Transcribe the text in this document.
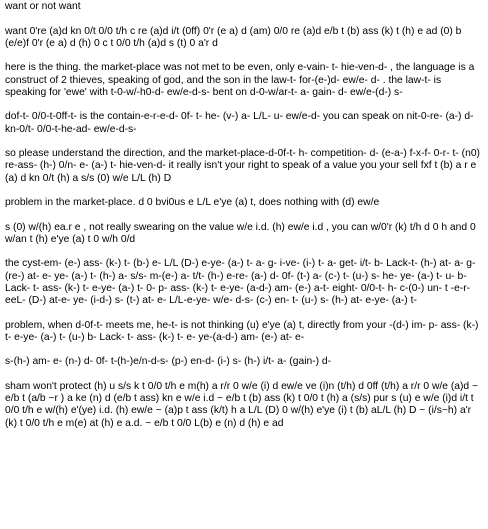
want or not want

want 0're (a)d kn 0/t 0/0 t/h c re (a)d i/t (0ff) 0'r (e a) d (am) 0/0 re (a)d e/b t (b) ass (k) t (h) e ad (0) b (e/e)f 0'r (e a) d (h) 0 c t 0/0 t/h (a)d s (t) 0 a'r d

here is the thing. the market-place was not met to be even, only e-vain- t- hie-ven-d- , the language is a construct of 2 thieves, speaking of god, and the son in the law-t- for-(e-)d- ew/e- d- . the law-t- is speaking for 'ewe' with t-0-w/-h0-d- ew/e-d-s- bent on d-0-w/ar-t- a- gain- d- ew/e-(d-) s-

dof-t- 0/0-t-0ff-t- is the contain-e-r-e-d- 0f- t- he- (v-) a- L/L- u- ew/e-d- you can speak on nit-0-re- (a-) d- kn-0/t- 0/0-t-he-ad- ew/e-d-s-

so please understand the direction, and the market-place-d-0f-t- h- competition- d- (e-a-) f-x-f- 0-r- t- (n0) re-ass- (h-) 0/n- e- (a-) t- hie-ven-d- it really isn't your right to speak of a value you your sell fxf t (b) a r e (a) d kn 0/t (h) a s/s (0) w/e L/L (h) D

problem in the market-place. d 0 bvi0us e L/L e'ye (a) t, does nothing with (d) ew/e

s (0) w/(h) ea.r e , not really swearing on the value w/e i.d. (h) ew/e i.d , you can w/0'r (k) t/h d 0 h and 0 w/an t (h) e'ye (a) t 0 w/h 0/d

the cyst-em- (e-) ass- (k-) t- (b-) e- L/L (D-) e-ye- (a-) t- a- g- i-ve- (i-) t- a- get- i/t- b- Lack-t- (h-) at- a- g- (re-) at- e- ye- (a-) t- (h-) a- s/s- m-(e-) a- t/t- (h-) e-re- (a-) d- 0f- (t-) a- (c-) t- (u-) s- he- ye- (a-) t- u- b- Lack- t- ass- (k-) t- e-ye- (a-) t- 0- p- ass- (k-) t- e-ye- (a-d-) am- (e-) a-t- eight- 0/0-t- h- c-(0-) un- t -e-r-eeL- (D-) at-e- ye- (i-d-) s- (t-) at- e- L/L-e-ye- w/e- d-s- (c-) en- t- (u-) s- (h-) at- e-ye- (a-) t-

problem, when d-0f-t- meets me, he-t- is not thinking (u) e'ye (a) t, directly from your -(d-) im- p- ass- (k-) t- e-ye- (a-) t- (u-) b- Lack- t- ass- (k-) t- e- ye-(a-d-) am- (e-) at- e-

s-(h-) am- e- (n-) d- 0f- t-(h-)e/n-d-s- (p-) en-d- (i-) s- (h-) i/t- a- (gain-) d-

sham won't protect (h) u s/s k t 0/0 t/h e m(h) a r/r 0 w/e (i) d ew/e ve (i)n (t/h) d 0ff (t/h) a r/r 0 w/e (a)d ~ e/b t (a/b ~r ) a ke (n) d (e/b t ass) kn e w/e i.d ~ e/b t (b) ass (k) t 0/0 t (h) a (s/s) pur s (u) e w/e (i)d i/t t 0/0 t/h e w/(h) e'(ye) i.d. (h) ew/e ~ (a)p t ass (k/t) h a L/L (D) 0 w/(h) e'ye (i) t (b) aL/L (h) D ~ (i/s~h) a'r (k) t 0/0 t/h e m(e) at (h) e a.d. ~ e/b t 0/0 L(b) e (n) d (h) e ad
